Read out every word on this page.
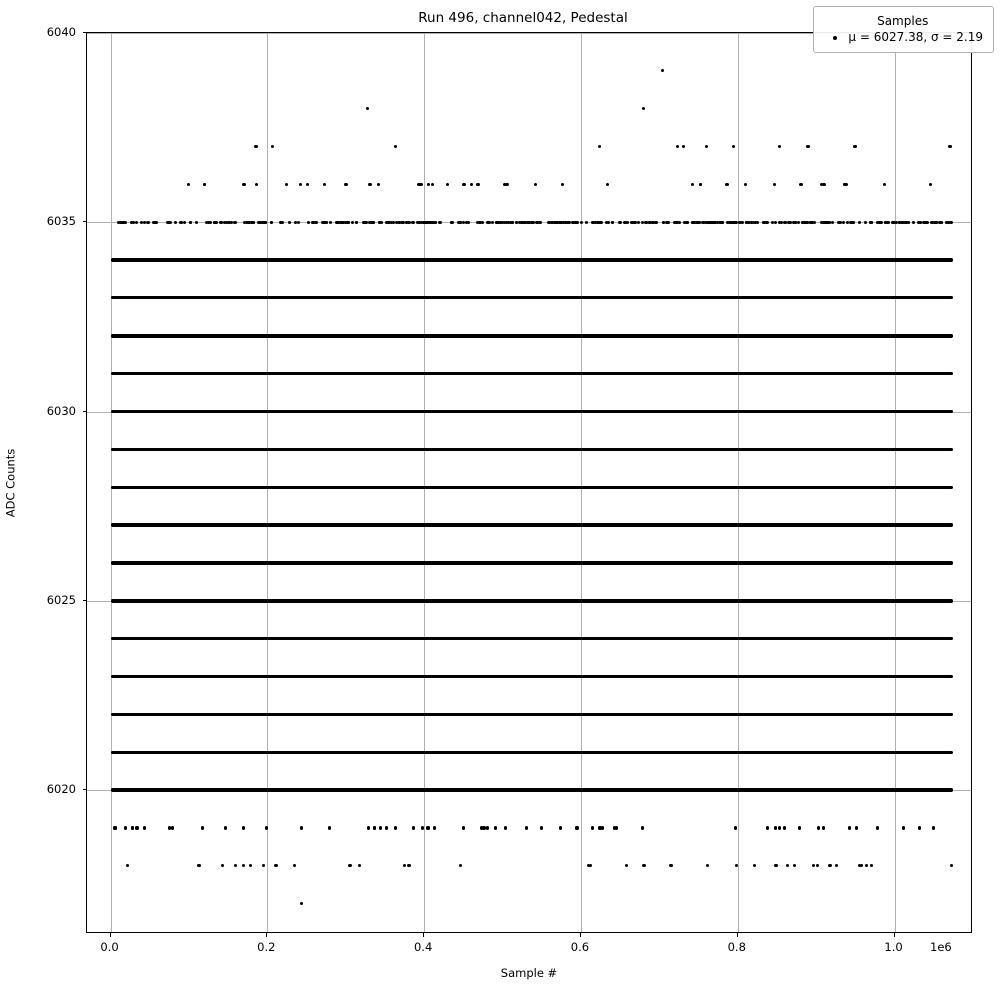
Run 496, channel042, Pedestal
0.0	0.2	0.4	0.6	0.8	1.0
6020
6025
6030
6035
6040
Sample #
ADC Counts
1e6
Samples
μ = 6027.38, σ = 2.19
